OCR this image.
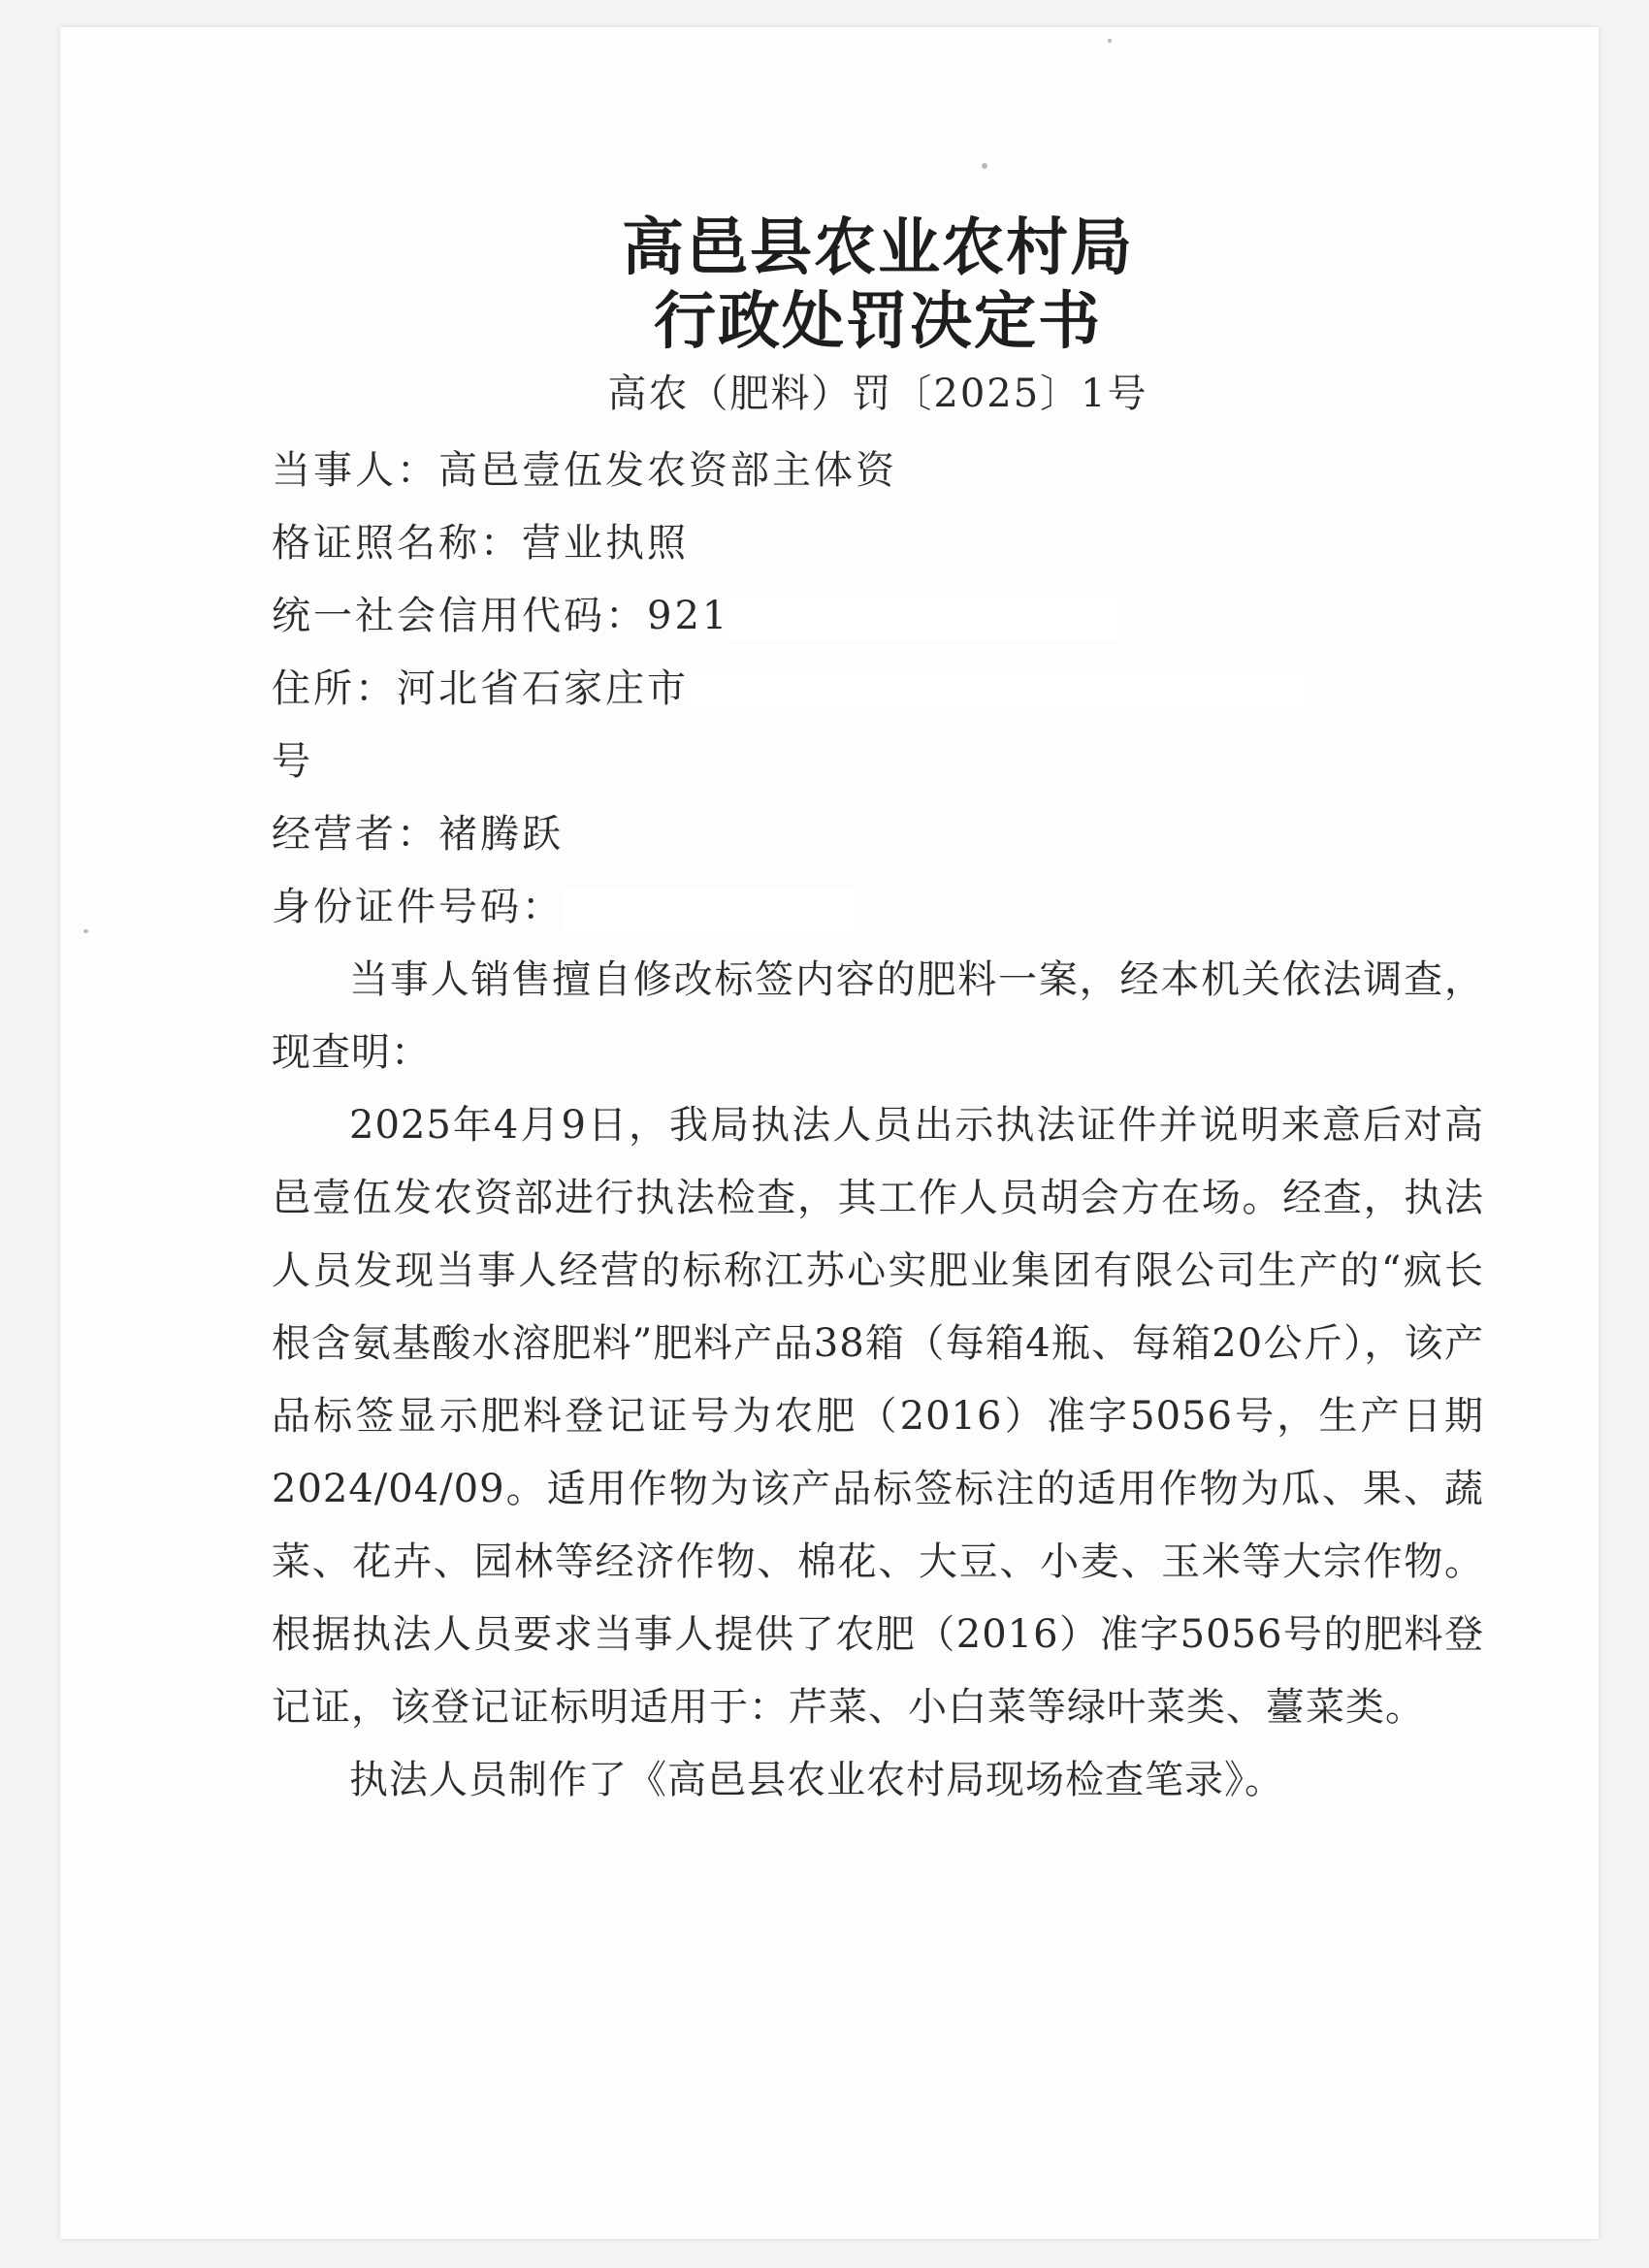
高邑县农业农村局
行政处罚决定书

高农（肥料）罚〔2025〕1号

当事人：高邑壹伍发农资部主体资

格证照名称：营业执照

统一社会信用代码：921

住所：河北省石家庄市

号

经营者：褚腾跃

身份证件号码：

当事人销售擅自修改标签内容的肥料一案，经本机关依法调查，现查明：

2025年4月9日，我局执法人员出示执法证件并说明来意后对高邑壹伍发农资部进行执法检查，其工作人员胡会方在场。经查，执法人员发现当事人经营的标称江苏心实肥业集团有限公司生产的“疯长根含氨基酸水溶肥料”肥料产品38箱（每箱4瓶、每箱20公斤），该产品标签显示肥料登记证号为农肥（2016）准字5056号，生产日期2024/04/09。适用作物为该产品标签标注的适用作物为瓜、果、蔬菜、花卉、园林等经济作物、棉花、大豆、小麦、玉米等大宗作物。根据执法人员要求当事人提供了农肥（2016）准字5056号的肥料登记证，该登记证标明适用于：芹菜、小白菜等绿叶菜类、薹菜类。

执法人员制作了《高邑县农业农村局现场检查笔录》。
